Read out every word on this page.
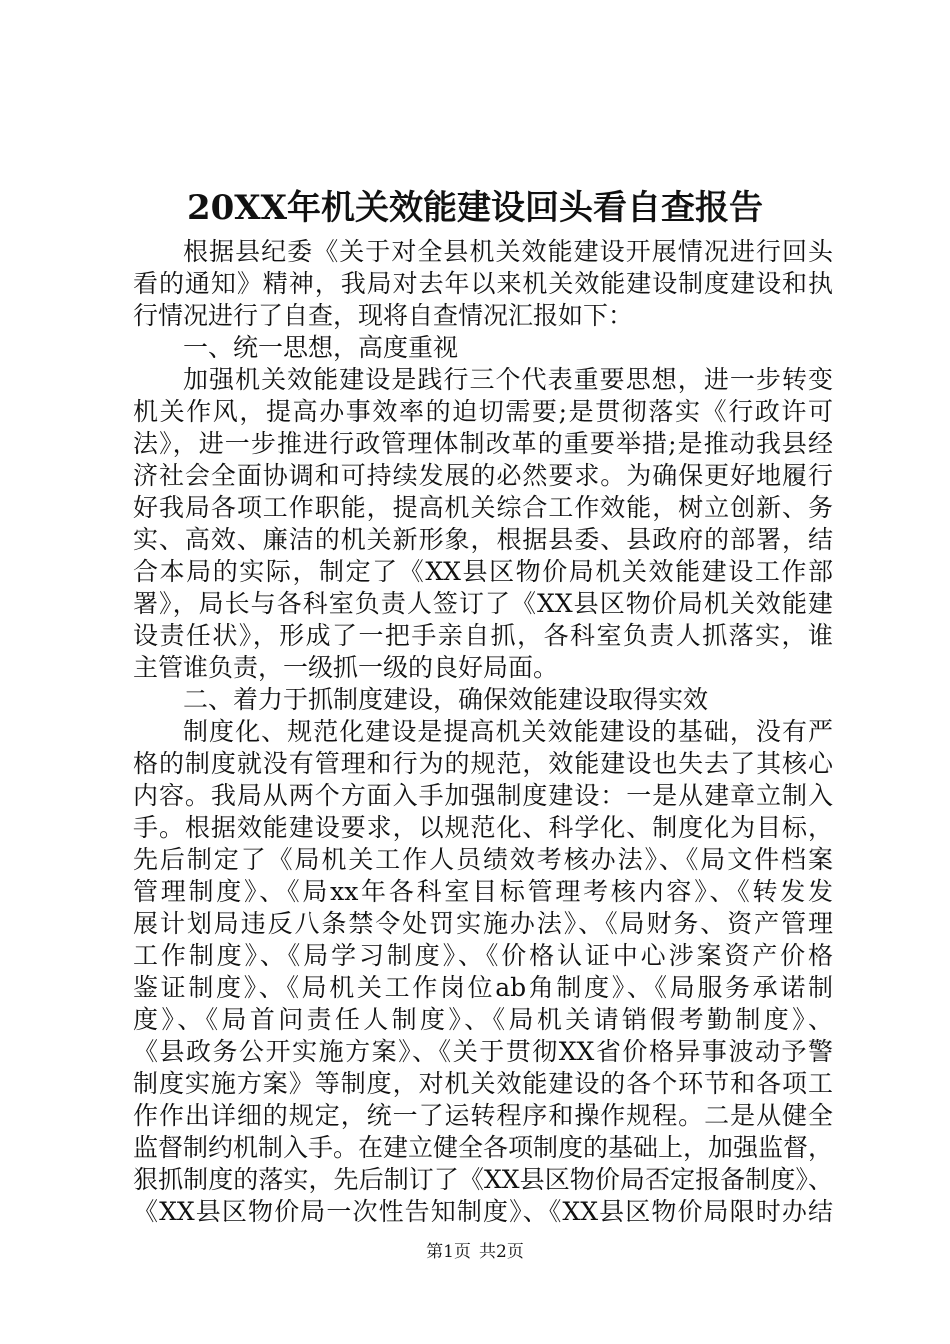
20XX年机关效能建设回头看自查报告
根据县纪委《关于对全县机关效能建设开展情况进行回头
看的通知》精神，我局对去年以来机关效能建设制度建设和执
行情况进行了自查，现将自查情况汇报如下：
一、统一思想，高度重视
加强机关效能建设是践行三个代表重要思想，进一步转变
机关作风，提高办事效率的迫切需要;是贯彻落实《行政许可
法》，进一步推进行政管理体制改革的重要举措;是推动我县经
济社会全面协调和可持续发展的必然要求。为确保更好地履行
好我局各项工作职能，提高机关综合工作效能，树立创新、务
实、高效、廉洁的机关新形象，根据县委、县政府的部署，结
合本局的实际，制定了《XX县区物价局机关效能建设工作部
署》，局长与各科室负责人签订了《XX县区物价局机关效能建
设责任状》，形成了一把手亲自抓，各科室负责人抓落实，谁
主管谁负责，一级抓一级的良好局面。
二、着力于抓制度建设，确保效能建设取得实效
制度化、规范化建设是提高机关效能建设的基础，没有严
格的制度就没有管理和行为的规范，效能建设也失去了其核心
内容。我局从两个方面入手加强制度建设：一是从建章立制入
手。根据效能建设要求，以规范化、科学化、制度化为目标，
先后制定了《局机关工作人员绩效考核办法》、《局文件档案
管理制度》、《局xx年各科室目标管理考核内容》、《转发发
展计划局违反八条禁令处罚实施办法》、《局财务、资产管理
工作制度》、《局学习制度》、《价格认证中心涉案资产价格
鉴证制度》、《局机关工作岗位ab角制度》、《局服务承诺制
度》、《局首问责任人制度》、《局机关请销假考勤制度》、
《县政务公开实施方案》、《关于贯彻XX省价格异事波动予警
制度实施方案》等制度，对机关效能建设的各个环节和各项工
作作出详细的规定，统一了运转程序和操作规程。二是从健全
监督制约机制入手。在建立健全各项制度的基础上，加强监督，
狠抓制度的落实，先后制订了《XX县区物价局否定报备制度》、
《XX县区物价局一次性告知制度》、《XX县区物价局限时办结
第1页 共2页
